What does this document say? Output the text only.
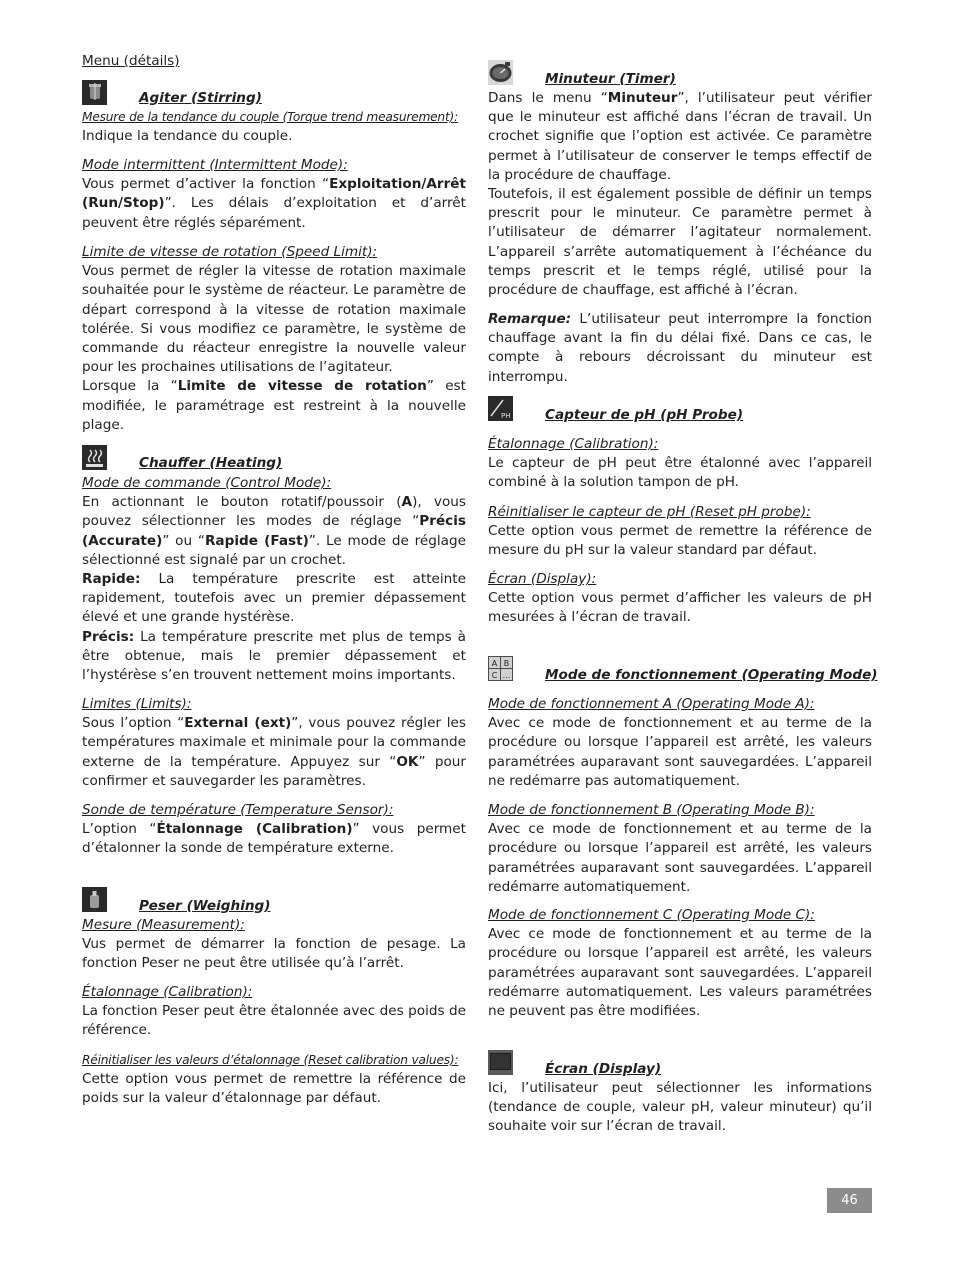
Menu (détails)
Agiter (Stirring)
Mesure de la tendance du couple (Torque trend measurement):

Indique la tendance du couple.

Mode intermittent (Intermittent Mode):

Vous permet d’activer la fonction “Exploitation/Arrêt (Run/Stop)”. Les délais d’exploitation et d’arrêt peuvent être réglés séparément.

Limite de vitesse de rotation (Speed Limit):

Vous permet de régler la vitesse de rotation maximale souhaitée pour le système de réacteur. Le paramètre de départ correspond à la vitesse de rotation maximale tolérée. Si vous modifiez ce paramètre, le système de commande du réacteur enregistre la nouvelle valeur pour les prochaines utilisations de l’agitateur.

Lorsque la “Limite de vitesse de rotation” est modifiée, le paramétrage est restreint à la nouvelle plage.

Chauffer (Heating)
Mode de commande (Control Mode):

En actionnant le bouton rotatif/poussoir (A), vous pouvez sélectionner les modes de réglage “Précis (Accurate)” ou “Rapide (Fast)”. Le mode de réglage sélectionné est signalé par un crochet.

Rapide: La température prescrite est atteinte rapidement, toutefois avec un premier dépassement élevé et une grande hystérèse.

Précis: La température prescrite met plus de temps à être obtenue, mais le premier dépassement et l’hystérèse s’en trouvent nettement moins importants.

Limites (Limits):

Sous l’option “External (ext)”, vous pouvez régler les températures maximale et minimale pour la commande externe de la température. Appuyez sur “OK” pour confirmer et sauvegarder les paramètres.

Sonde de température (Temperature Sensor):

L’option “Étalonnage (Calibration)” vous permet d’étalonner la sonde de température externe.

Peser (Weighing)
Mesure (Measurement):

Vus permet de démarrer la fonction de pesage. La fonction Peser ne peut être utilisée qu’à l’arrêt.

Étalonnage (Calibration):

La fonction Peser peut être étalonnée avec des poids de référence.

Réinitialiser les valeurs d’étalonnage (Reset calibration values):

Cette option vous permet de remettre la référence de poids sur la valeur d’étalonnage par défaut.

Minuteur (Timer)

Dans le menu “Minuteur”, l’utilisateur peut vérifier que le minuteur est affiché dans l’écran de travail. Un crochet signifie que l’option est activée. Ce paramètre permet à l’utilisateur de conserver le temps effectif de la procédure de chauffage.

Toutefois, il est également possible de définir un temps prescrit pour le minuteur. Ce paramètre permet à l’utilisateur de démarrer l’agitateur normalement. L’appareil s’arrête automatiquement à l’échéance du temps prescrit et le temps réglé, utilisé pour la procédure de chauffage, est affiché à l’écran.

Remarque: L’utilisateur peut interrompre la fonction chauffage avant la fin du délai fixé. Dans ce cas, le compte à rebours décroissant du minuteur est interrompu.

PH	Capteur de pH (pH Probe)
Étalonnage (Calibration):

Le capteur de pH peut être étalonné avec l’appareil combiné à la solution tampon de pH.

Réinitialiser le capteur de pH (Reset pH probe):

Cette option vous permet de remettre la référence de mesure du pH sur la valeur standard par défaut.

Écran (Display):

Cette option vous permet d’afficher les valeurs de pH mesurées à l’écran de travail.

A B
C ...	Mode de fonctionnement (Operating Mode)
Mode de fonctionnement A (Operating Mode A):

Avec ce mode de fonctionnement et au terme de la procédure ou lorsque l’appareil est arrêté, les valeurs paramétrées auparavant sont sauvegardées. L’appareil ne redémarre pas automatiquement.

Mode de fonctionnement B (Operating Mode B):

Avec ce mode de fonctionnement et au terme de la procédure ou lorsque l’appareil est arrêté, les valeurs paramétrées auparavant sont sauvegardées. L’appareil redémarre automatiquement.

Mode de fonctionnement C (Operating Mode C):

Avec ce mode de fonctionnement et au terme de la procédure ou lorsque l’appareil est arrêté, les valeurs paramétrées auparavant sont sauvegardées. L’appareil redémarre automatiquement. Les valeurs paramétrées ne peuvent pas être modifiées.

Écran (Display)

Ici, l’utilisateur peut sélectionner les informations (tendance de couple, valeur pH, valeur minuteur) qu’il souhaite voir sur l’écran de travail.

46
